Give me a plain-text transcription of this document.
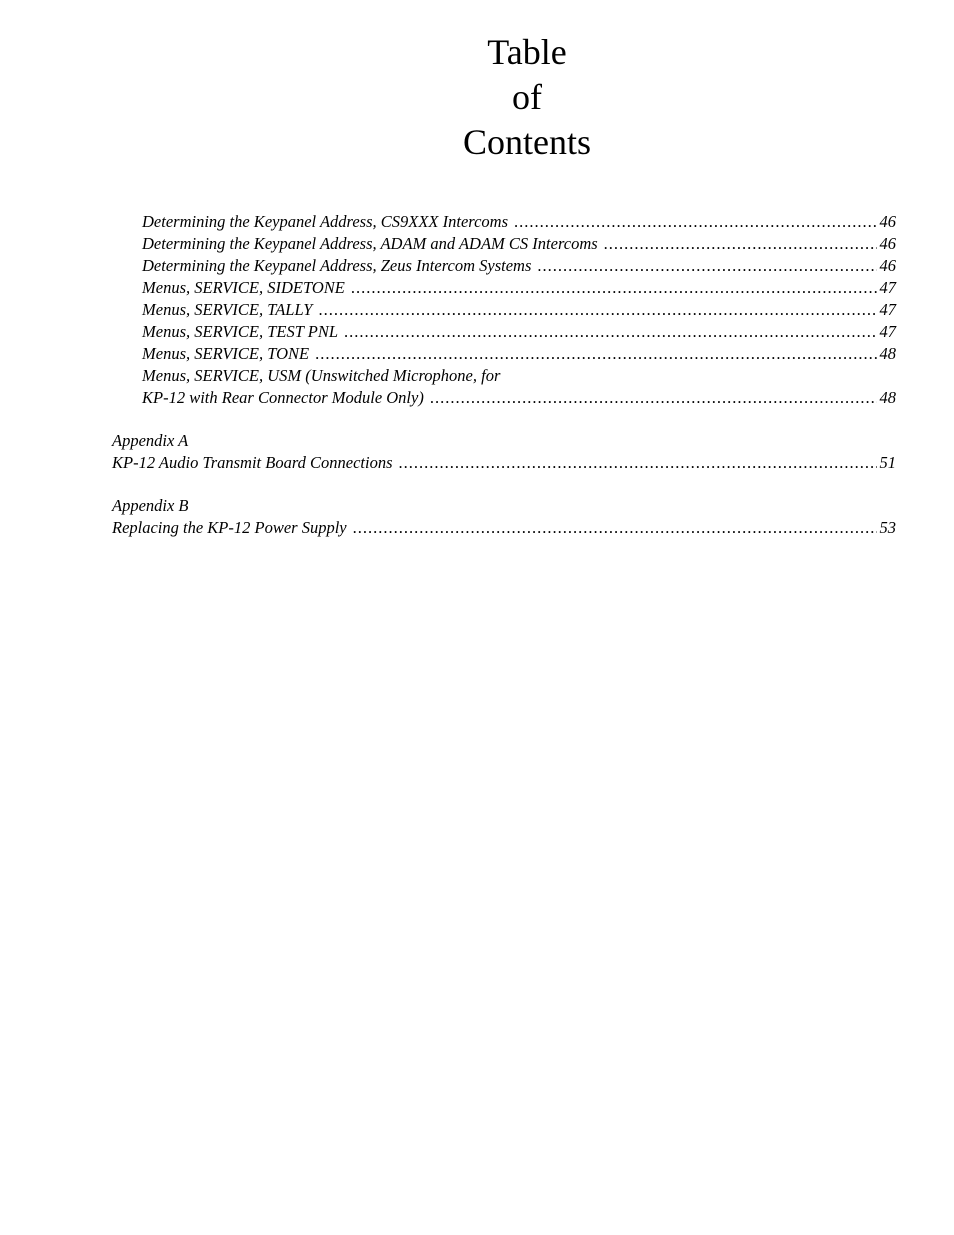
Table
of
Contents
Determining the Keypanel Address, CS9XXX Intercoms .....	46
Determining the Keypanel Address, ADAM and ADAM CS Intercoms .....	46
Determining the Keypanel Address, Zeus Intercom Systems .....	46
Menus, SERVICE, SIDETONE .....	47
Menus, SERVICE, TALLY .....	47
Menus, SERVICE, TEST PNL .....	47
Menus, SERVICE, TONE .....	48
Menus, SERVICE, USM (Unswitched Microphone, for
KP-12 with Rear Connector Module Only) .....	48
Appendix A
KP-12 Audio Transmit Board Connections .....	51
Appendix B
Replacing the KP-12 Power Supply .....	53
